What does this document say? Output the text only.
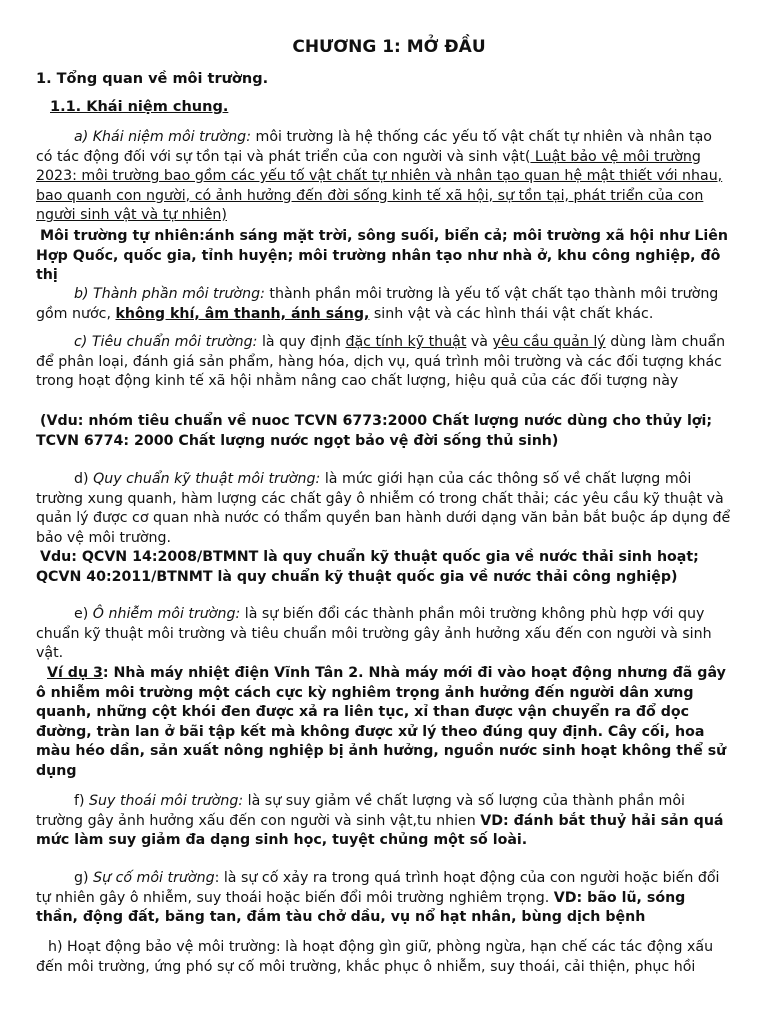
CHƯƠNG 1: MỞ ĐẦU
1. Tổng quan về môi trường.
1.1. Khái niệm chung.

a) Khái niệm môi trường: môi trường là hệ thống các yếu tố vật chất tự nhiên và nhân tạo có tác động đối với sự tồn tại và phát triển của con người và sinh vật( Luật bảo vệ môi trường 2023: môi trường bao gồm các yếu tố vật chất tự nhiên và nhân tạo quan hệ mật thiết với nhau, bao quanh con người, có ảnh hưởng đến đời sống kinh tế xã hội, sự tồn tại, phát triển của con người sinh vật và tự nhiên)

Môi trường tự nhiên:ánh sáng mặt trời, sông suối, biển cả; môi trường xã hội như Liên Hợp Quốc, quốc gia, tỉnh huyện; môi trường nhân tạo như nhà ở, khu công nghiệp, đô thị

b) Thành phần môi trường: thành phần môi trường là yếu tố vật chất tạo thành môi trường gồm nước, không khí, âm thanh, ánh sáng, sinh vật và các hình thái vật chất khác.

c) Tiêu chuẩn môi trường: là quy định đặc tính kỹ thuật và yêu cầu quản lý dùng làm chuẩn để phân loại, đánh giá sản phẩm, hàng hóa, dịch vụ, quá trình môi trường và các đối tượng khác trong hoạt động kinh tế xã hội nhằm nâng cao chất lượng, hiệu quả của các đối tượng này

(Vdu: nhóm tiêu chuẩn về nuoc TCVN 6773:2000 Chất lượng nước dùng cho thủy lợi; TCVN 6774: 2000 Chất lượng nước ngọt bảo vệ đời sống thủ sinh)

d) Quy chuẩn kỹ thuật môi trường: là mức giới hạn của các thông số về chất lượng môi trường xung quanh, hàm lượng các chất gây ô nhiễm có trong chất thải; các yêu cầu kỹ thuật và quản lý được cơ quan nhà nước có thẩm quyền ban hành dưới dạng văn bản bắt buộc áp dụng để bảo vệ môi trường.

Vdu: QCVN 14:2008/BTMNT là quy chuẩn kỹ thuật quốc gia về nước thải sinh hoạt; QCVN 40:2011/BTNMT là quy chuẩn kỹ thuật quốc gia về nước thải công nghiệp)

e) Ô nhiễm môi trường: là sự biến đổi các thành phần môi trường không phù hợp với quy chuẩn kỹ thuật môi trường và tiêu chuẩn môi trường gây ảnh hưởng xấu đến con người và sinh vật.

Ví dụ 3: Nhà máy nhiệt điện Vĩnh Tân 2. Nhà máy mới đi vào hoạt động nhưng đã gây ô nhiễm môi trường một cách cực kỳ nghiêm trọng ảnh hưởng đến người dân xưng quanh, những cột khói đen được xả ra liên tục, xỉ than được vận chuyển ra đổ dọc đường, tràn lan ở bãi tập kết mà không được xử lý theo đúng quy định. Cây cối, hoa màu héo dần, sản xuất nông nghiệp bị ảnh hưởng, nguồn nước sinh hoạt không thể sử dụng

f) Suy thoái môi trường: là sự suy giảm về chất lượng và số lượng của thành phần môi trường gây ảnh hưởng xấu đến con người và sinh vật,tu nhien VD: đánh bắt thuỷ hải sản quá mức làm suy giảm đa dạng sinh học, tuyệt chủng một số loài.

g) Sự cố môi trường: là sự cố xảy ra trong quá trình hoạt động của con người hoặc biến đổi tự nhiên gây ô nhiễm, suy thoái hoặc biến đổi môi trường nghiêm trọng. VD: bão lũ, sóng thần, động đất, băng tan, đắm tàu chở dầu, vụ nổ hạt nhân, bùng dịch bệnh

h) Hoạt động bảo vệ môi trường: là hoạt động gìn giữ, phòng ngừa, hạn chế các tác động xấu đến môi trường, ứng phó sự cố môi trường, khắc phục ô nhiễm, suy thoái, cải thiện, phục hồi
